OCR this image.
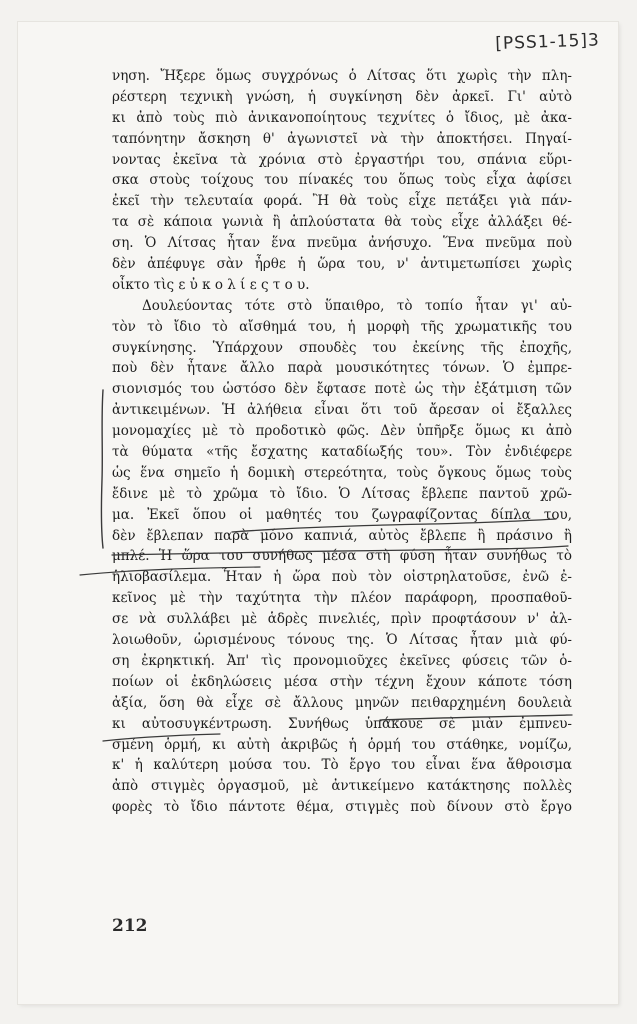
[PSS1-15]3
νηση. Ἤξερε ὅμως συγχρόνως ὁ Λίτσας ὅτι χωρὶς τὴν πλη-
ρέστερη τεχνικὴ γνώση, ἡ συγκίνηση δὲν ἀρκεῖ. Γι' αὐτὸ
κι ἀπὸ τοὺς πιὸ ἀνικανοποίητους τεχνίτες ὁ ἴδιος, μὲ ἀκα-
ταπόνητην ἄσκηση θ' ἀγωνιστεῖ νὰ τὴν ἀποκτήσει. Πηγαί-
νοντας ἐκεῖνα τὰ χρόνια στὸ ἐργαστήρι του, σπάνια εὕρι-
σκα στοὺς τοίχους του πίνακές του ὅπως τοὺς εἶχα ἀφίσει
ἐκεῖ τὴν τελευταία φορά. Ἢ θὰ τοὺς εἶχε πετάξει γιὰ πάν-
τα σὲ κάποια γωνιὰ ἢ ἁπλούστατα θὰ τοὺς εἶχε ἀλλάξει θέ-
ση. Ὁ Λίτσας ἦταν ἕνα πνεῦμα ἀνήσυχο. Ἕνα πνεῦμα ποὺ
δὲν ἀπέφυγε σὰν ἦρθε ἡ ὥρα του, ν' ἀντιμετωπίσει χωρὶς
οἶκτο τὶς ε ὐ κ ο λ ί ε ς τ ο υ.
Δουλεύοντας τότε στὸ ὕπαιθρο, τὸ τοπίο ἦταν γι' αὐ-
τὸν τὸ ἴδιο τὸ αἴσθημά του, ἡ μορφὴ τῆς χρωματικῆς του
συγκίνησης. Ὑπάρχουν σπουδὲς του ἐκείνης τῆς ἐποχῆς,
ποὺ δὲν ἦτανε ἄλλο παρὰ μουσικότητες τόνων. Ὁ ἐμπρε-
σιονισμός του ὡστόσο δὲν ἔφτασε ποτὲ ὡς τὴν ἐξάτμιση τῶν
ἀντικειμένων. Ἡ ἀλήθεια εἶναι ὅτι τοῦ ἄρεσαν οἱ ἔξαλλες
μονομαχίες μὲ τὸ προδοτικὸ φῶς. Δὲν ὑπῆρξε ὅμως κι ἀπὸ
τὰ θύματα «τῆς ἔσχατης καταδίωξής του». Τὸν ἐνδιέφερε
ὡς ἕνα σημεῖο ἡ δομικὴ στερεότητα, τοὺς ὄγκους ὅμως τοὺς
ἔδινε μὲ τὸ χρῶμα τὸ ἴδιο. Ὁ Λίτσας ἔβλεπε παντοῦ χρῶ-
μα. Ἐκεῖ ὅπου οἱ μαθητές του ζωγραφίζοντας δίπλα του,
δὲν ἔβλεπαν παρὰ μόνο καπνιά, αὐτὸς ἔβλεπε ἢ πράσινο ἢ
μπλέ. Ἡ ὥρα του συνήθως μέσα στὴ φύση ἦταν συνήθως τὸ
ἡλιοβασίλεμα. Ἦταν ἡ ὥρα ποὺ τὸν οἰστρηλατοῦσε, ἐνῶ ἐ-
κεῖνος μὲ τὴν ταχύτητα τὴν πλέον παράφορη, προσπαθοῦ-
σε νὰ συλλάβει μὲ ἁδρὲς πινελιές, πρὶν προφτάσουν ν' ἀλ-
λοιωθοῦν, ὡρισμένους τόνους της. Ὁ Λίτσας ἦταν μιὰ φύ-
ση ἐκρηκτική. Ἀπ' τὶς προνομιοῦχες ἐκεῖνες φύσεις τῶν ὁ-
ποίων οἱ ἐκδηλώσεις μέσα στὴν τέχνη ἔχουν κάποτε τόση
ἀξία, ὅση θὰ εἶχε σὲ ἄλλους μηνῶν πειθαρχημένη δουλειὰ
κι αὐτοσυγκέντρωση. Συνήθως ὑπάκουε σὲ μιὰν ἐμπνευ-
σμένη ὁρμή, κι αὐτὴ ἀκριβῶς ἡ ὁρμή του στάθηκε, νομίζω,
κ' ἡ καλύτερη μούσα του. Τὸ ἔργο του εἶναι ἕνα ἄθροισμα
ἀπὸ στιγμὲς ὀργασμοῦ, μὲ ἀντικείμενο κατάκτησης πολλὲς
φορὲς τὸ ἴδιο πάντοτε θέμα, στιγμὲς ποὺ δίνουν στὸ ἔργο
212
